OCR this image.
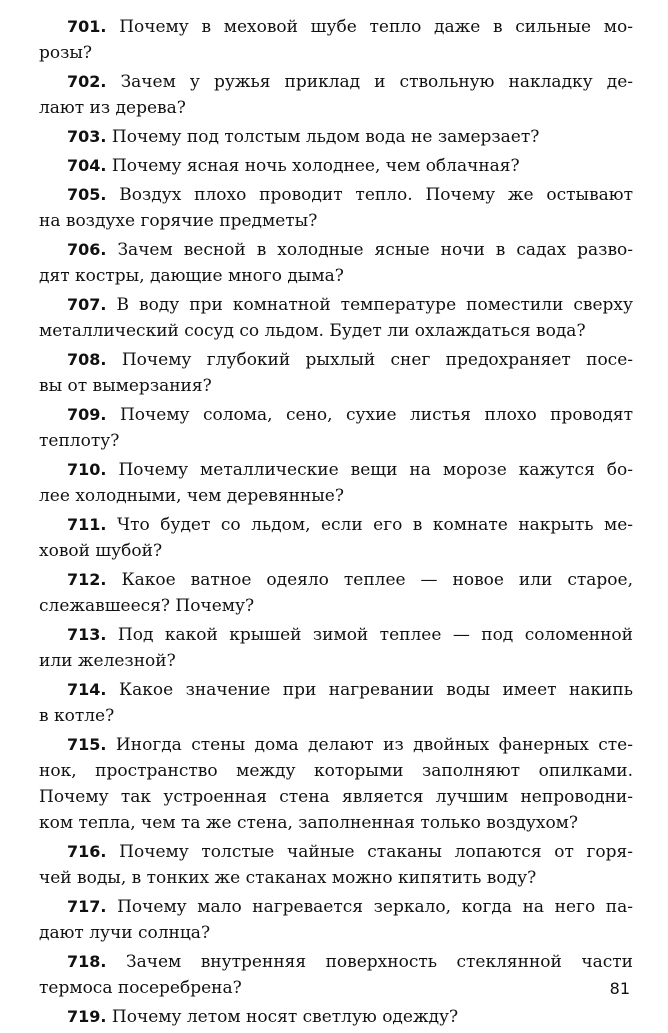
701. Почему в меховой шубе тепло даже в сильные мо-
розы?
702. Зачем у ружья приклад и ствольную накладку де-
лают из дерева?
703. Почему под толстым льдом вода не замерзает?
704. Почему ясная ночь холоднее, чем облачная?
705. Воздух плохо проводит тепло. Почему же остывают
на воздухе горячие предметы?
706. Зачем весной в холодные ясные ночи в садах разво-
дят костры, дающие много дыма?
707. В воду при комнатной температуре поместили сверху
металлический сосуд со льдом. Будет ли охлаждаться вода?
708. Почему глубокий рыхлый снег предохраняет посе-
вы от вымерзания?
709. Почему солома, сено, сухие листья плохо проводят
теплоту?
710. Почему металлические вещи на морозе кажутся бо-
лее холодными, чем деревянные?
711. Что будет со льдом, если его в комнате накрыть ме-
ховой шубой?
712. Какое ватное одеяло теплее — новое или старое,
слежавшееся? Почему?
713. Под какой крышей зимой теплее — под соломенной
или железной?
714. Какое значение при нагревании воды имеет накипь
в котле?
715. Иногда стены дома делают из двойных фанерных сте-
нок, пространство между которыми заполняют опилками.
Почему так устроенная стена является лучшим непроводни-
ком тепла, чем та же стена, заполненная только воздухом?
716. Почему толстые чайные стаканы лопаются от горя-
чей воды, в тонких же стаканах можно кипятить воду?
717. Почему мало нагревается зеркало, когда на него па-
дают лучи солнца?
718. Зачем внутренняя поверхность стеклянной части
термоса посеребрена?
719. Почему летом носят светлую одежду?
81
